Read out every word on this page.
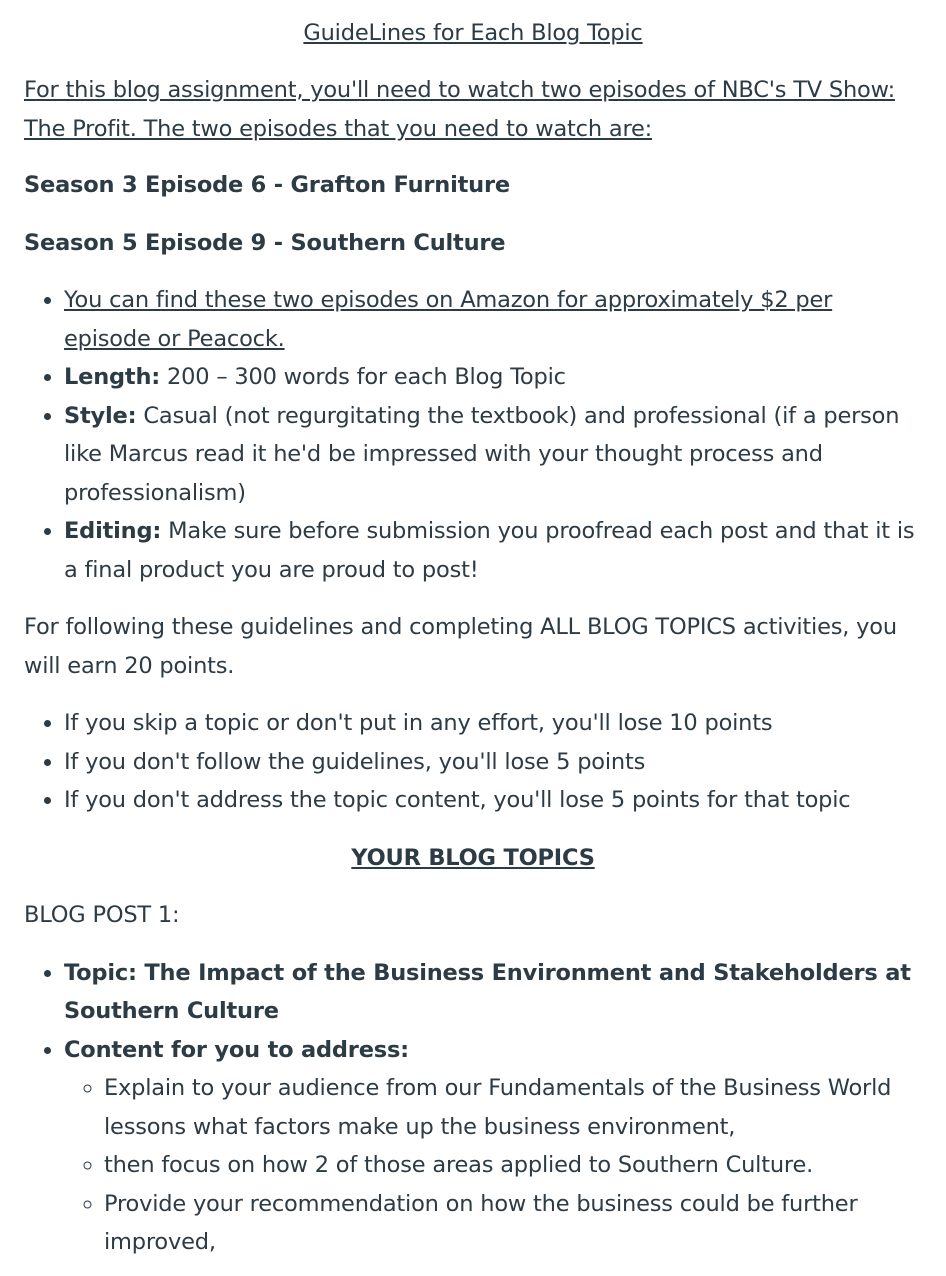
GuideLines for Each Blog Topic

For this blog assignment, you'll need to watch two episodes of NBC's TV Show: The Profit. The two episodes that you need to watch are:

Season 3 Episode 6 - Grafton Furniture

Season 5 Episode 9 - Southern Culture

• You can find these two episodes on Amazon for approximately $2 per episode or Peacock.
• Length: 200 – 300 words for each Blog Topic
• Style: Casual (not regurgitating the textbook) and professional (if a person like Marcus read it he'd be impressed with your thought process and professionalism)
• Editing: Make sure before submission you proofread each post and that it is a final product you are proud to post!

For following these guidelines and completing ALL BLOG TOPICS activities, you will earn 20 points.

• If you skip a topic or don't put in any effort, you'll lose 10 points
• If you don't follow the guidelines, you'll lose 5 points
• If you don't address the topic content, you'll lose 5 points for that topic

YOUR BLOG TOPICS

BLOG POST 1:

• Topic: The Impact of the Business Environment and Stakeholders at Southern Culture
• Content for you to address:
◦ Explain to your audience from our Fundamentals of the Business World lessons what factors make up the business environment,
◦ then focus on how 2 of those areas applied to Southern Culture.
◦ Provide your recommendation on how the business could be further improved,
